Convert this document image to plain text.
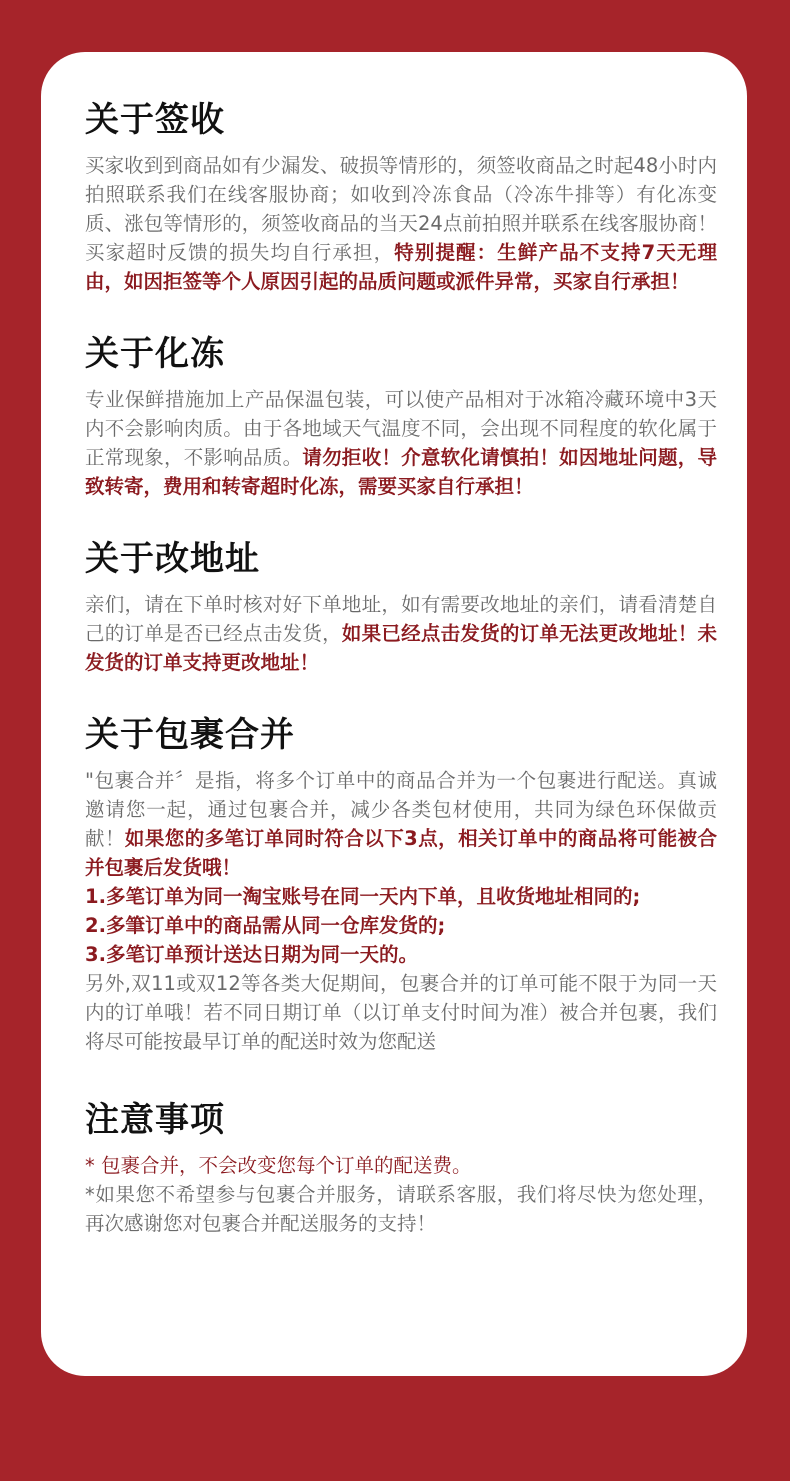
关于签收

买家收到到商品如有少漏发、破损等情形的，须签收商品之时起48小时内拍照联系我们在线客服协商；如收到冷冻食品（冷冻牛排等）有化冻变质、涨包等情形的，须签收商品的当天24点前拍照并联系在线客服协商！买家超时反馈的损失均自行承担，特别提醒：生鲜产品不支持7天无理由，如因拒签等个人原因引起的品质问题或派件异常，买家自行承担！

关于化冻

专业保鲜措施加上产品保温包装，可以使产品相对于冰箱冷藏环境中3天内不会影响肉质。由于各地域天气温度不同，会出现不同程度的软化属于正常现象，不影响品质。请勿拒收！介意软化请慎拍！如因地址问题，导致转寄，费用和转寄超时化冻，需要买家自行承担！

关于改地址

亲们，请在下单时核对好下单地址，如有需要改地址的亲们，请看清楚自己的订单是否已经点击发货，如果已经点击发货的订单无法更改地址！未发货的订单支持更改地址！

关于包裹合并

"包裹合并〞是指，将多个订单中的商品合并为一个包裹进行配送。真诚邀请您一起，通过包裹合并，减少各类包材使用，共同为绿色环保做贡献！如果您的多笔订单同时符合以下3点，相关订单中的商品将可能被合并包裹后发货哦！
1.多笔订单为同一淘宝账号在同一天内下单，且收货地址相同的;
2.多筆订单中的商品需从同一仓库发货的;
3.多笔订单预计送达日期为同一天的。
另外,双11或双12等各类大促期间，包裹合并的订单可能不限于为同一天内的订单哦！若不同日期订单（以订单支付时间为准）被合并包裹，我们将尽可能按最早订单的配送时效为您配送

注意事项

* 包裹合并，不会改变您每个订单的配送费。
*如果您不希望参与包裹合并服务，请联系客服，我们将尽快为您处理，再次感谢您对包裹合并配送服务的支持！
